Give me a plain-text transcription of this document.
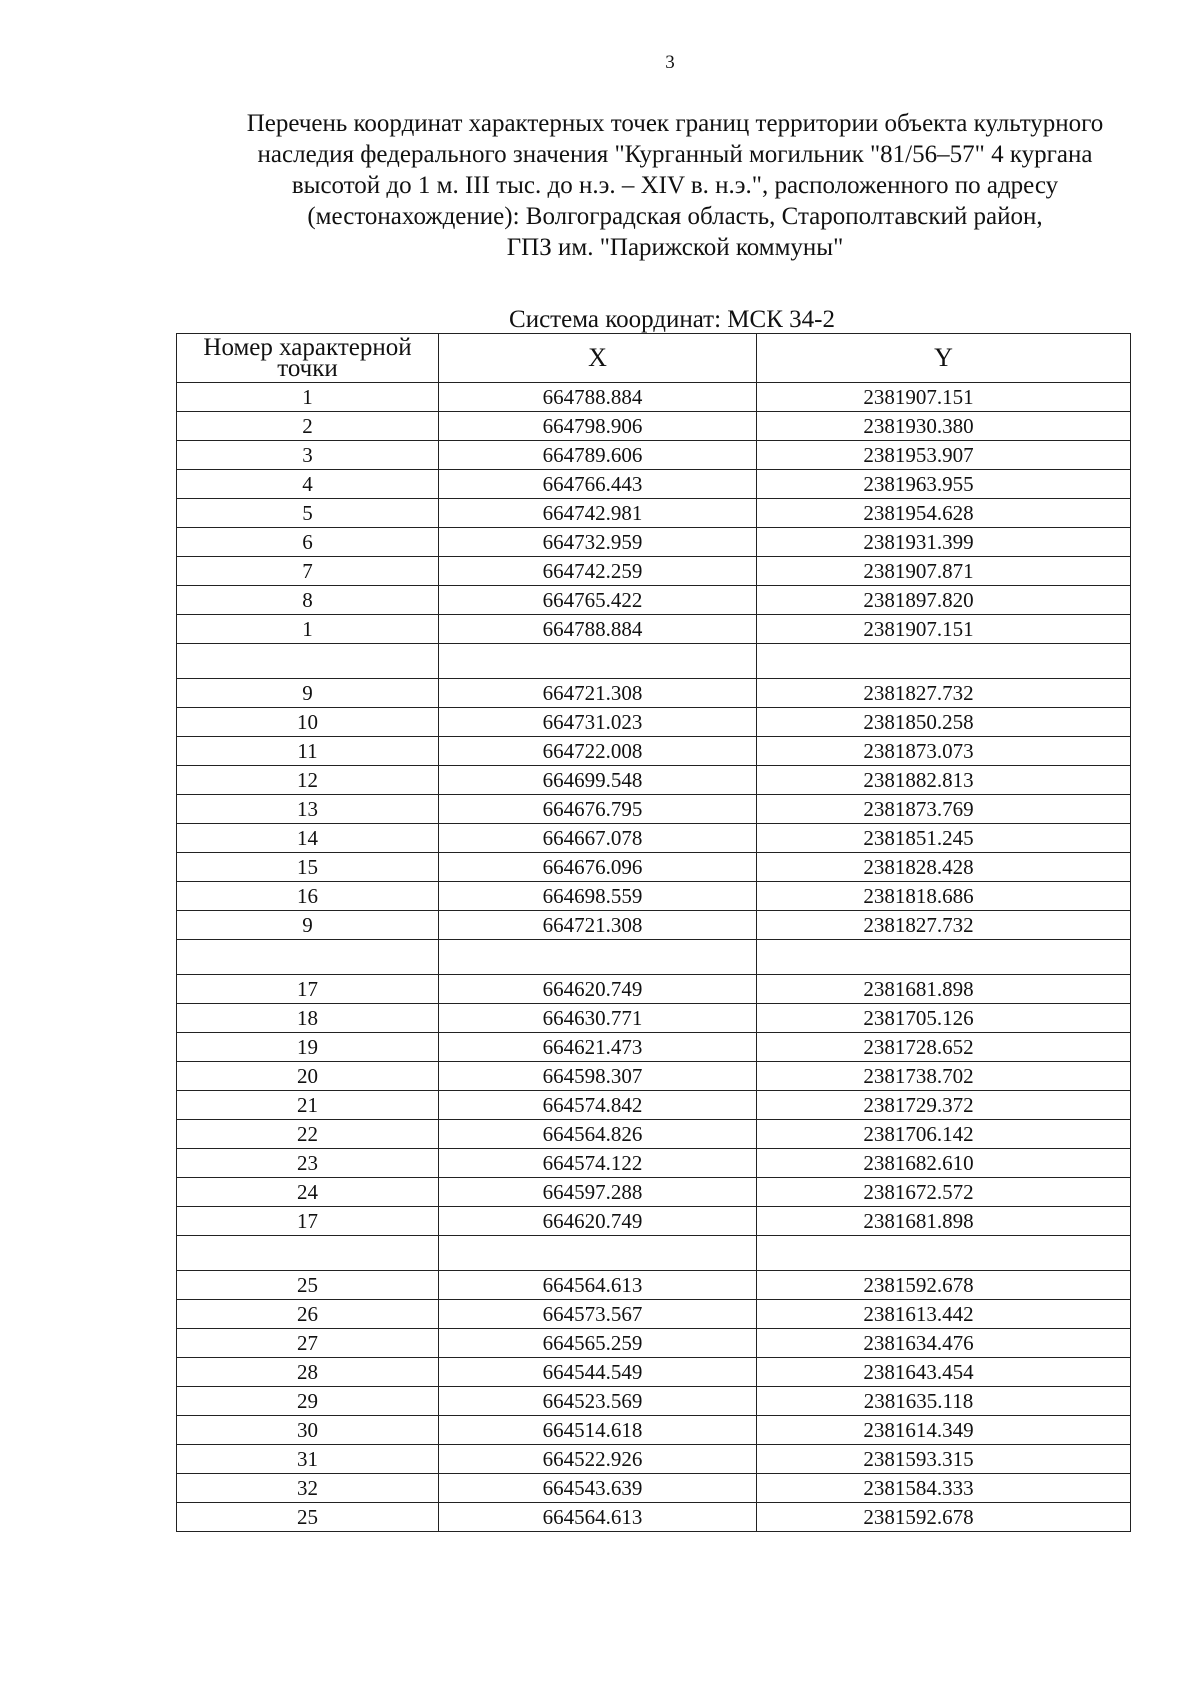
3
Перечень координат характерных точек границ территории объекта культурного
наследия федерального значения "Курганный могильник "81/56–57" 4 кургана
высотой до 1 м. III тыс. до н.э. – XIV в. н.э.", расположенного по адресу
(местонахождение): Волгоградская область, Старополтавский район,
ГПЗ им. "Парижской коммуны"
Система координат: МСК 34-2
Номер характерной точки	X	Y
1	664788.884	2381907.151
2	664798.906	2381930.380
3	664789.606	2381953.907
4	664766.443	2381963.955
5	664742.981	2381954.628
6	664732.959	2381931.399
7	664742.259	2381907.871
8	664765.422	2381897.820
1	664788.884	2381907.151

9	664721.308	2381827.732
10	664731.023	2381850.258
11	664722.008	2381873.073
12	664699.548	2381882.813
13	664676.795	2381873.769
14	664667.078	2381851.245
15	664676.096	2381828.428
16	664698.559	2381818.686
9	664721.308	2381827.732

17	664620.749	2381681.898
18	664630.771	2381705.126
19	664621.473	2381728.652
20	664598.307	2381738.702
21	664574.842	2381729.372
22	664564.826	2381706.142
23	664574.122	2381682.610
24	664597.288	2381672.572
17	664620.749	2381681.898

25	664564.613	2381592.678
26	664573.567	2381613.442
27	664565.259	2381634.476
28	664544.549	2381643.454
29	664523.569	2381635.118
30	664514.618	2381614.349
31	664522.926	2381593.315
32	664543.639	2381584.333
25	664564.613	2381592.678
